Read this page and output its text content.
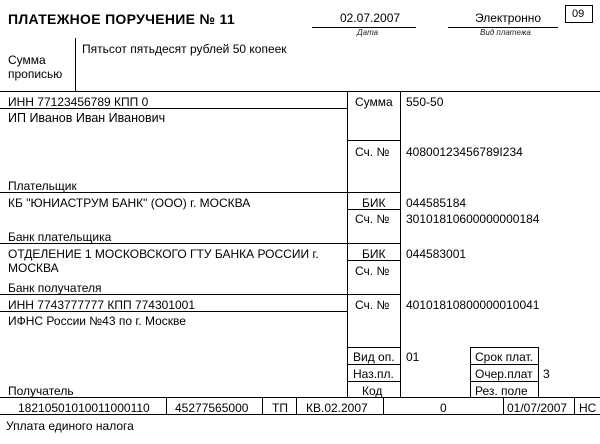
ПЛАТЕЖНОЕ ПОРУЧЕНИЕ № 11	02.07.2007
Дата
Электронно
Вид платежа
09
Сумма
прописью
Пятьсот пятьдесят рублей 50 копеек
ИНН 77123456789 КПП 0
ИП Иванов Иван Иванович
Сумма 550-50
Сч. № 40800123456789I234
Плательщик
КБ "ЮНИАСТРУМ БАНК" (ООО) г. МОСКВА	БИК 044585184
Сч. № 30101810600000000184
Банк плательщика
ОТДЕЛЕНИЕ 1 МОСКОВСКОГО ГТУ БАНКА РОССИИ г.
МОСКВА
БИК 044583001
Сч. №
Банк получателя
ИНН 7743777777 КПП 774301001
ИФНС России №43 по г. Москве
Сч. № 40101810800000010041
Вид оп. 01	Срок плат.
Наз.пл.	Очер.плат 3
Код	Рез. поле
Получатель
18210501010011000110 45277565000 ТП КВ.02.2007	0	01/07/2007 НС
Уплата единого налога
